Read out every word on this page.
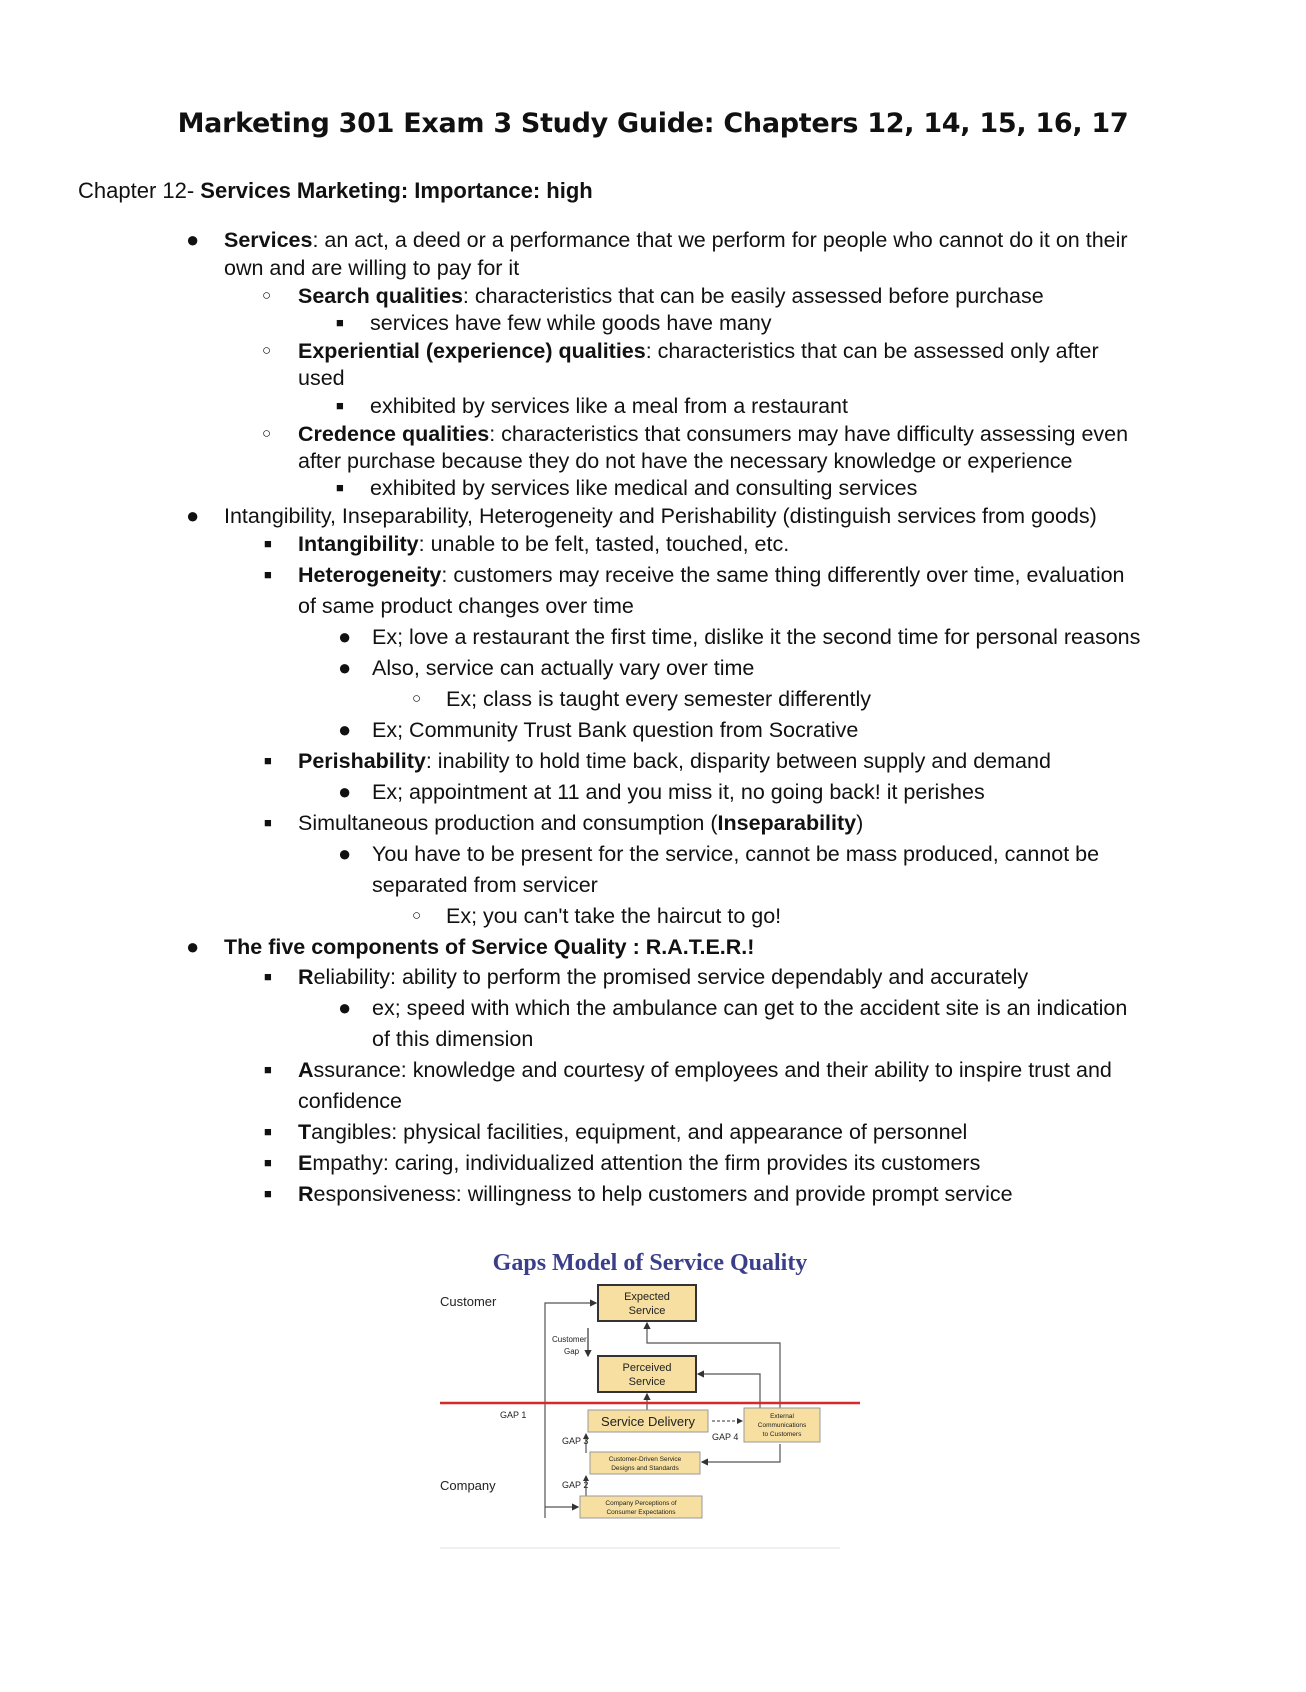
Marketing 301 Exam 3 Study Guide: Chapters 12, 14, 15, 16, 17
Chapter 12- Services Marketing: Importance: high
● Services: an act, a deed or a performance that we perform for people who cannot do it on their
own and are willing to pay for it
○ Search qualities: characteristics that can be easily assessed before purchase
■ services have few while goods have many
○ Experiential (experience) qualities: characteristics that can be assessed only after
used
■ exhibited by services like a meal from a restaurant
○ Credence qualities: characteristics that consumers may have difficulty assessing even
after purchase because they do not have the necessary knowledge or experience
■ exhibited by services like medical and consulting services
● Intangibility, Inseparability, Heterogeneity and Perishability (distinguish services from goods)
■ Intangibility: unable to be felt, tasted, touched, etc.
■ Heterogeneity: customers may receive the same thing differently over time, evaluation
of same product changes over time
● Ex; love a restaurant the first time, dislike it the second time for personal reasons
● Also, service can actually vary over time
○ Ex; class is taught every semester differently
● Ex; Community Trust Bank question from Socrative
■ Perishability: inability to hold time back, disparity between supply and demand
● Ex; appointment at 11 and you miss it, no going back! it perishes
■ Simultaneous production and consumption (Inseparability)
● You have to be present for the service, cannot be mass produced, cannot be
separated from servicer
○ Ex; you can't take the haircut to go!
● The five components of Service Quality : R.A.T.E.R.!
■ Reliability: ability to perform the promised service dependably and accurately
● ex; speed with which the ambulance can get to the accident site is an indication
of this dimension
■ Assurance: knowledge and courtesy of employees and their ability to inspire trust and
confidence
■ Tangibles: physical facilities, equipment, and appearance of personnel
■ Empathy: caring, individualized attention the firm provides its customers
■ Responsiveness: willingness to help customers and provide prompt service
Gaps Model of Service Quality
Customer
Company
Expected
Service
Customer
Gap
Perceived
Service
GAP 1	Service Delivery
GAP 4
External
Communications
to Customers
GAP 3
Customer-Driven Service
Designs and Standards
GAP 2
Company Perceptions of
Consumer Expectations
